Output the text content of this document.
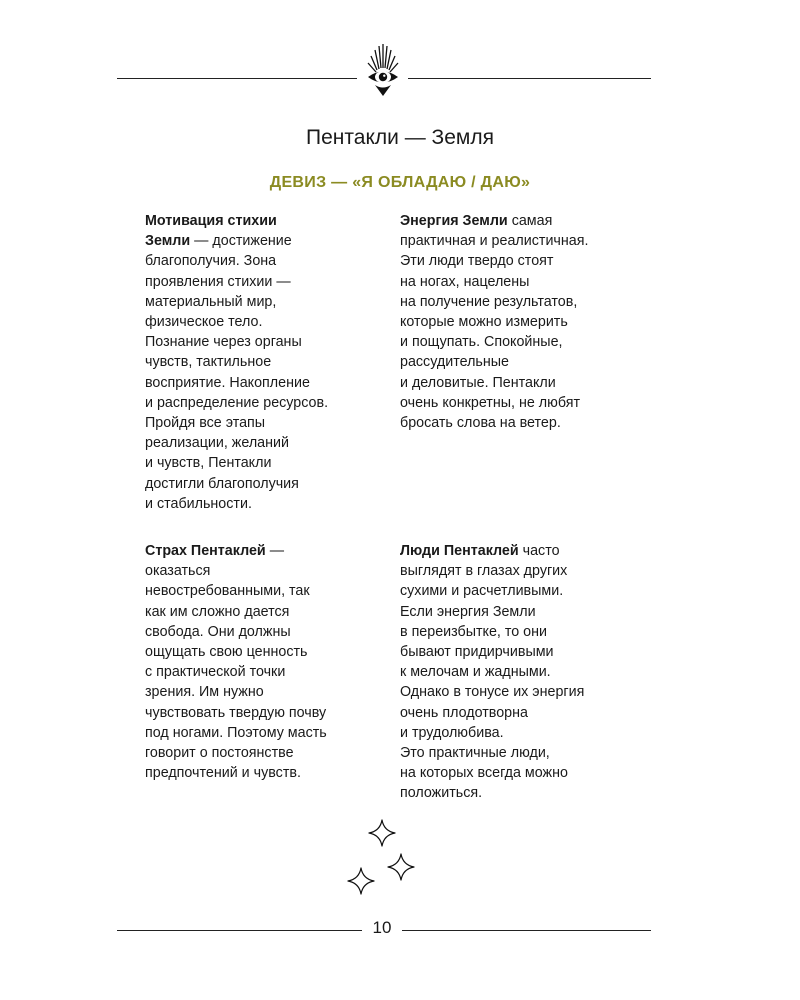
Пентакли — Земля
ДЕВИЗ — «Я ОБЛАДАЮ / ДАЮ»
Мотивация стихии
Земли — достижение
благополучия. Зона
проявления стихии —
материальный мир,
физическое тело.
Познание через органы
чувств, тактильное
восприятие. Накопление
и распределение ресурсов.
Пройдя все этапы
реализации, желаний
и чувств, Пентакли
достигли благополучия
и стабильности.
Энергия Земли самая
практичная и реалистичная.
Эти люди твердо стоят
на ногах, нацелены
на получение результатов,
которые можно измерить
и пощупать. Спокойные,
рассудительные
и деловитые. Пентакли
очень конкретны, не любят
бросать слова на ветер.
Страх Пентаклей —
оказаться
невостребованными, так
как им сложно дается
свобода. Они должны
ощущать свою ценность
с практической точки
зрения. Им нужно
чувствовать твердую почву
под ногами. Поэтому масть
говорит о постоянстве
предпочтений и чувств.
Люди Пентаклей часто
выглядят в глазах других
сухими и расчетливыми.
Если энергия Земли
в переизбытке, то они
бывают придирчивыми
к мелочам и жадными.
Однако в тонусе их энергия
очень плодотворна
и трудолюбива.
Это практичные люди,
на которых всегда можно
положиться.
10
